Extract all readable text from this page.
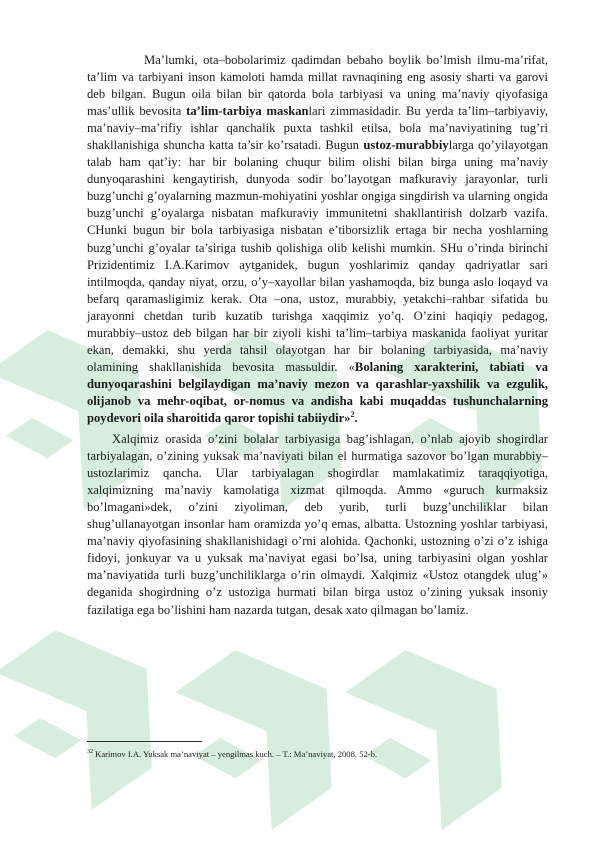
Ma’lumki, ota–bobolarimiz qadimdan bebaho boylik bo’lmish ilmu-ma’rifat, ta’lim va tarbiyani inson kamoloti hamda millat ravnaqining eng asosiy sharti va garovi deb bilgan. Bugun oila bilan bir qatorda bola tarbiyasi va uning ma’naviy qiyofasiga mas’ullik bevosita ta’lim-tarbiya maskanlari zimmasidadir. Bu yerda ta’lim–tarbiyaviy, ma’naviy–ma’rifiy ishlar qanchalik puxta tashkil etilsa, bola ma’naviyatining tug’ri shakllanishiga shuncha katta ta’sir ko’rsatadi. Bugun ustoz-murabbiylarga qo’yilayotgan talab ham qat’iy: har bir bolaning chuqur bilim olishi bilan birga uning ma’naviy dunyoqarashini kengaytirish, dunyoda sodir bo’layotgan mafkuraviy jarayonlar, turli buzg’unchi g’oyalarning mazmun-mohiyatini yoshlar ongiga singdirish va ularning ongida buzg’unchi g’oyalarga nisbatan mafkuraviy immunitetni shakllantirish dolzarb vazifa. CHunki bugun bir bola tarbiyasiga nisbatan e’tiborsizlik ertaga bir necha yoshlarning buzg’unchi g’oyalar ta’siriga tushib qolishiga olib kelishi mumkin. SHu o’rinda birinchi Prizidentimiz I.A.Karimov aytganidek, bugun yoshlarimiz qanday qadriyatlar sari intilmoqda, qanday niyat, orzu, o’y–xayollar bilan yashamoqda, biz bunga aslo loqayd va befarq qaramasligimiz kerak. Ota –ona, ustoz, murabbiy, yetakchi–rahbar sifatida bu jarayonni chetdan turib kuzatib turishga xaqqimiz yo’q. O’zini haqiqiy pedagog, murabbiy–ustoz deb bilgan har bir ziyoli kishi ta’lim–tarbiya maskanida faoliyat yuritar ekan, demakki, shu yerda tahsil olayotgan har bir bolaning tarbiyasida, ma’naviy olamining shakllanishida bevosita masьuldir. «Bolaning xarakterini, tabiati va dunyoqarashini belgilaydigan ma’naviy mezon va qarashlar-yaxshilik va ezgulik, olijanob va mehr-oqibat, or-nomus va andisha kabi muqaddas tushunchalarning poydevori oila sharoitida qaror topishi tabiiydir»$^2$.

Xalqimiz orasida o’zini bolalar tarbiyasiga bag’ishlagan, o’nlab ajoyib shogirdlar tarbiyalagan, o’zining yuksak ma’naviyati bilan el hurmatiga sazovor bo’lgan murabbiy–ustozlarimiz qancha. Ular tarbiyalagan shogirdlar mamlakatimiz taraqqiyotiga, xalqimizning ma’naviy kamolatiga xizmat qilmoqda. Ammo «guruch kurmaksiz bo’lmagani»dek, o’zini ziyoliman, deb yurib, turli buzg’unchiliklar bilan shug’ullanayotgan insonlar ham oramizda yo’q emas, albatta. Ustozning yoshlar tarbiyasi, ma’naviy qiyofasining shakllanishidagi o’rni alohida. Qachonki, ustozning o’zi o’z ishiga fidoyi, jonkuyar va u yuksak ma’naviyat egasi bo’lsa, uning tarbiyasini olgan yoshlar ma’naviyatida turli buzg’unchiliklarga o’rin olmaydi. Xalqimiz «Ustoz otangdek ulug’» deganida shogirdning o’z ustoziga hurmati bilan birga ustoz o’zining yuksak insoniy fazilatiga ega bo’lishini ham nazarda tutgan, desak xato qilmagan bo’lamiz.

$^{32}$ Karimov I.A. Yuksak ma’naviyat – yengilmas kuch. – T.: Ma’naviyat, 2008. 52-b.
